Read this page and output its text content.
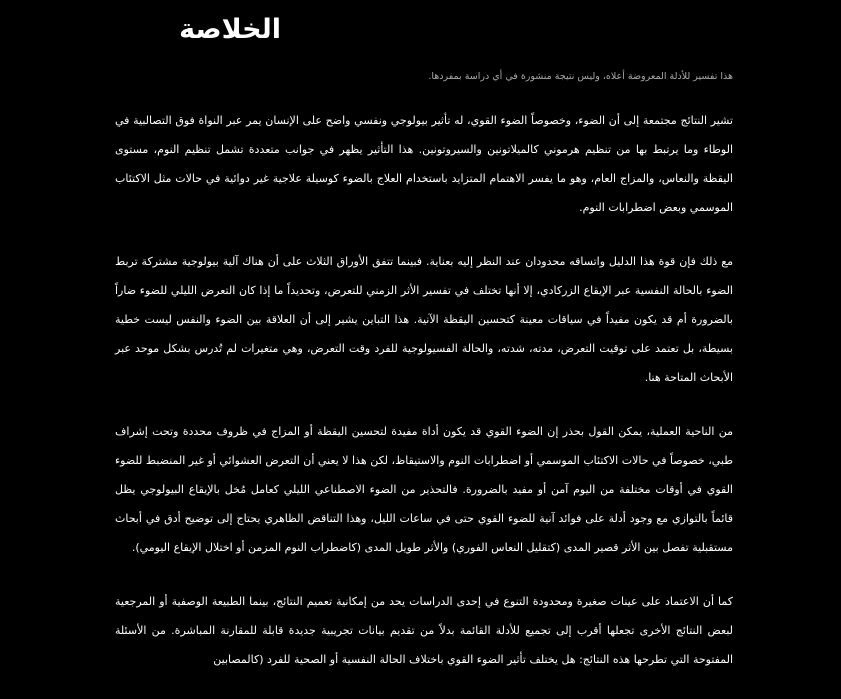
الخلاصة
هذا تفسير للأدلة المعروضة أعلاه، وليس نتيجة منشورة في أي دراسة بمفردها.

تشير النتائج مجتمعة إلى أن الضوء، وخصوصاً الضوء القوي، له تأثير بيولوجي ونفسي واضح على الإنسان يمر عبر النواة فوق التصالبية في الوطاء وما يرتبط بها من تنظيم هرموني كالميلاتونين والسيروتونين. هذا التأثير يظهر في جوانب متعددة تشمل تنظيم النوم، مستوى اليقظة والنعاس، والمزاج العام، وهو ما يفسر الاهتمام المتزايد باستخدام العلاج بالضوء كوسيلة علاجية غير دوائية في حالات مثل الاكتئاب الموسمي وبعض اضطرابات النوم.

مع ذلك فإن قوة هذا الدليل واتساقه محدودان عند النظر إليه بعناية. فبينما تتفق الأوراق الثلاث على أن هناك آلية بيولوجية مشتركة تربط الضوء بالحالة النفسية عبر الإيقاع الزركادي، إلا أنها تختلف في تفسير الأثر الزمني للتعرض، وتحديداً ما إذا كان التعرض الليلي للضوء ضاراً بالضرورة أم قد يكون مفيداً في سياقات معينة كتحسين اليقظة الآنية. هذا التباين يشير إلى أن العلاقة بين الضوء والنفس ليست خطية بسيطة، بل تعتمد على توقيت التعرض، مدته، شدته، والحالة الفسيولوجية للفرد وقت التعرض، وهي متغيرات لم تُدرس بشكل موحد عبر الأبحاث المتاحة هنا.

من الناحية العملية، يمكن القول بحذر إن الضوء القوي قد يكون أداة مفيدة لتحسين اليقظة أو المزاج في ظروف محددة وتحت إشراف طبي، خصوصاً في حالات الاكتئاب الموسمي أو اضطرابات النوم والاستيقاظ، لكن هذا لا يعني أن التعرض العشوائي أو غير المنضبط للضوء القوي في أوقات مختلفة من اليوم آمن أو مفيد بالضرورة. فالتحذير من الضوء الاصطناعي الليلي كعامل مُخل بالإيقاع البيولوجي يظل قائماً بالتوازي مع وجود أدلة على فوائد آنية للضوء القوي حتى في ساعات الليل، وهذا التناقض الظاهري يحتاج إلى توضيح أدق في أبحاث مستقبلية تفصل بين الأثر قصير المدى (كتقليل النعاس الفوري) والأثر طويل المدى (كاضطراب النوم المزمن أو اختلال الإيقاع اليومي).

كما أن الاعتماد على عينات صغيرة ومحدودة التنوع في إحدى الدراسات يحد من إمكانية تعميم النتائج، بينما الطبيعة الوصفية أو المرجعية لبعض النتائج الأخرى تجعلها أقرب إلى تجميع للأدلة القائمة بدلاً من تقديم بيانات تجريبية جديدة قابلة للمقارنة المباشرة. من الأسئلة المفتوحة التي تطرحها هذه النتائج: هل يختلف تأثير الضوء القوي باختلاف الحالة النفسية أو الصحية للفرد (كالمصابين
